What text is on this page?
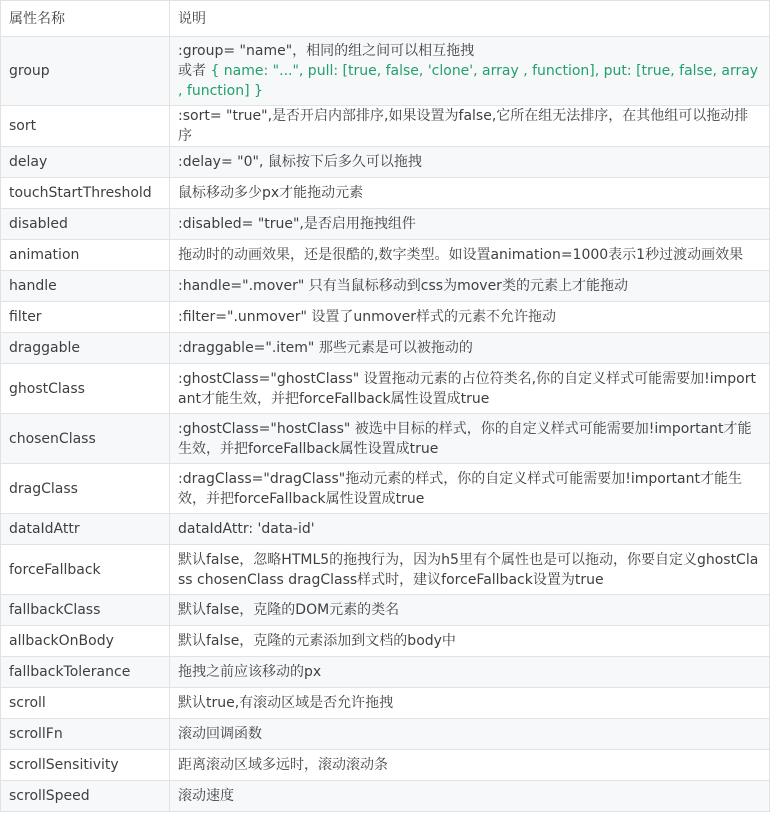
属性名称	说明
group	:group= "name"，相同的组之间可以相互拖拽
或者 { name: "...", pull: [true, false, 'clone', array , function], put: [true, false, array , function] }

sort	:sort= "true",是否开启内部排序,如果设置为false,它所在组无法排序，在其他组可以拖动排序
delay	:delay= "0", 鼠标按下后多久可以拖拽
touchStartThreshold	鼠标移动多少px才能拖动元素
disabled	:disabled= "true",是否启用拖拽组件
animation	拖动时的动画效果，还是很酷的,数字类型。如设置animation=1000表示1秒过渡动画效果
handle	:handle=".mover" 只有当鼠标移动到css为mover类的元素上才能拖动
filter	:filter=".unmover" 设置了unmover样式的元素不允许拖动
draggable	:draggable=".item" 那些元素是可以被拖动的
ghostClass	:ghostClass="ghostClass" 设置拖动元素的占位符类名,你的自定义样式可能需要加!important才能生效，并把forceFallback属性设置成true
chosenClass	:ghostClass="hostClass" 被选中目标的样式，你的自定义样式可能需要加!important才能生效，并把forceFallback属性设置成true
dragClass	:dragClass="dragClass"拖动元素的样式，你的自定义样式可能需要加!important才能生效，并把forceFallback属性设置成true
dataIdAttr	dataIdAttr: 'data-id'
forceFallback	默认false，忽略HTML5的拖拽行为，因为h5里有个属性也是可以拖动，你要自定义ghostClass chosenClass dragClass样式时，建议forceFallback设置为true
fallbackClass	默认false，克隆的DOM元素的类名
allbackOnBody	默认false，克隆的元素添加到文档的body中
fallbackTolerance	拖拽之前应该移动的px
scroll	默认true,有滚动区域是否允许拖拽
scrollFn	滚动回调函数
scrollSensitivity	距离滚动区域多远时，滚动滚动条
scrollSpeed	滚动速度
